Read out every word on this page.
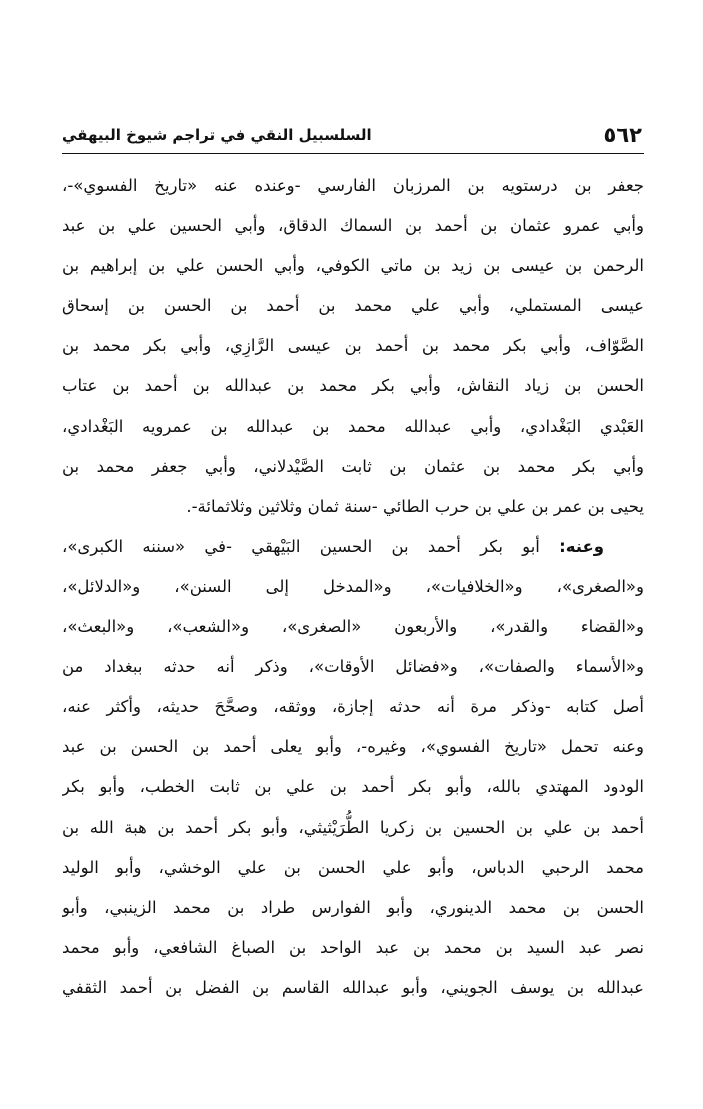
٥٦٢
السلسبيل النقي في تراجم شيوخ البيهقي
جعفر بن درستويه بن المرزبان الفارسي -وعنده عنه «تاريخ الفسوي»-،
وأبي عمرو عثمان بن أحمد بن السماك الدقاق، وأبي الحسين علي بن عبد
الرحمن بن عيسى بن زيد بن ماتي الكوفي، وأبي الحسن علي بن إبراهيم بن
عيسى المستملي، وأبي علي محمد بن أحمد بن الحسن بن إسحاق
الصَّوّاف، وأبي بكر محمد بن أحمد بن عيسى الرَّازِي، وأبي بكر محمد بن
الحسن بن زياد النقاش، وأبي بكر محمد بن عبدالله بن أحمد بن عتاب
العَبْدي البَغْدادي، وأبي عبدالله محمد بن عبدالله بن عمرويه البَغْدادي،
وأبي بكر محمد بن عثمان بن ثابت الصَّيْدلاني، وأبي جعفر محمد بن
يحيى بن عمر بن علي بن حرب الطائي -سنة ثمان وثلاثين وثلاثمائة-.
وعنه: أبو بكر أحمد بن الحسين البَيْهقي -في «سننه الكبرى»،
و«الصغرى»، و«الخلافيات»، و«المدخل إلى السنن»، و«الدلائل»،
و«القضاء والقدر»، والأربعون «الصغرى»، و«الشعب»، و«البعث»،
و«الأسماء والصفات»، و«فضائل الأوقات»، وذكر أنه حدثه ببغداد من
أصل كتابه -وذكر مرة أنه حدثه إجازة، ووثقه، وصحَّحَ حديثه، وأكثر عنه،
وعنه تحمل «تاريخ الفسوي»، وغيره-، وأبو يعلى أحمد بن الحسن بن عبد
الودود المهتدي بالله، وأبو بكر أحمد بن علي بن ثابت الخطب، وأبو بكر
أحمد بن علي بن الحسين بن زكريا الطُّرَيْثيثي، وأبو بكر أحمد بن هبة الله بن
محمد الرحبي الدباس، وأبو علي الحسن بن علي الوخشي، وأبو الوليد
الحسن بن محمد الدينوري، وأبو الفوارس طراد بن محمد الزينبي، وأبو
نصر عبد السيد بن محمد بن عبد الواحد بن الصباغ الشافعي، وأبو محمد
عبدالله بن يوسف الجويني، وأبو عبدالله القاسم بن الفضل بن أحمد الثقفي
